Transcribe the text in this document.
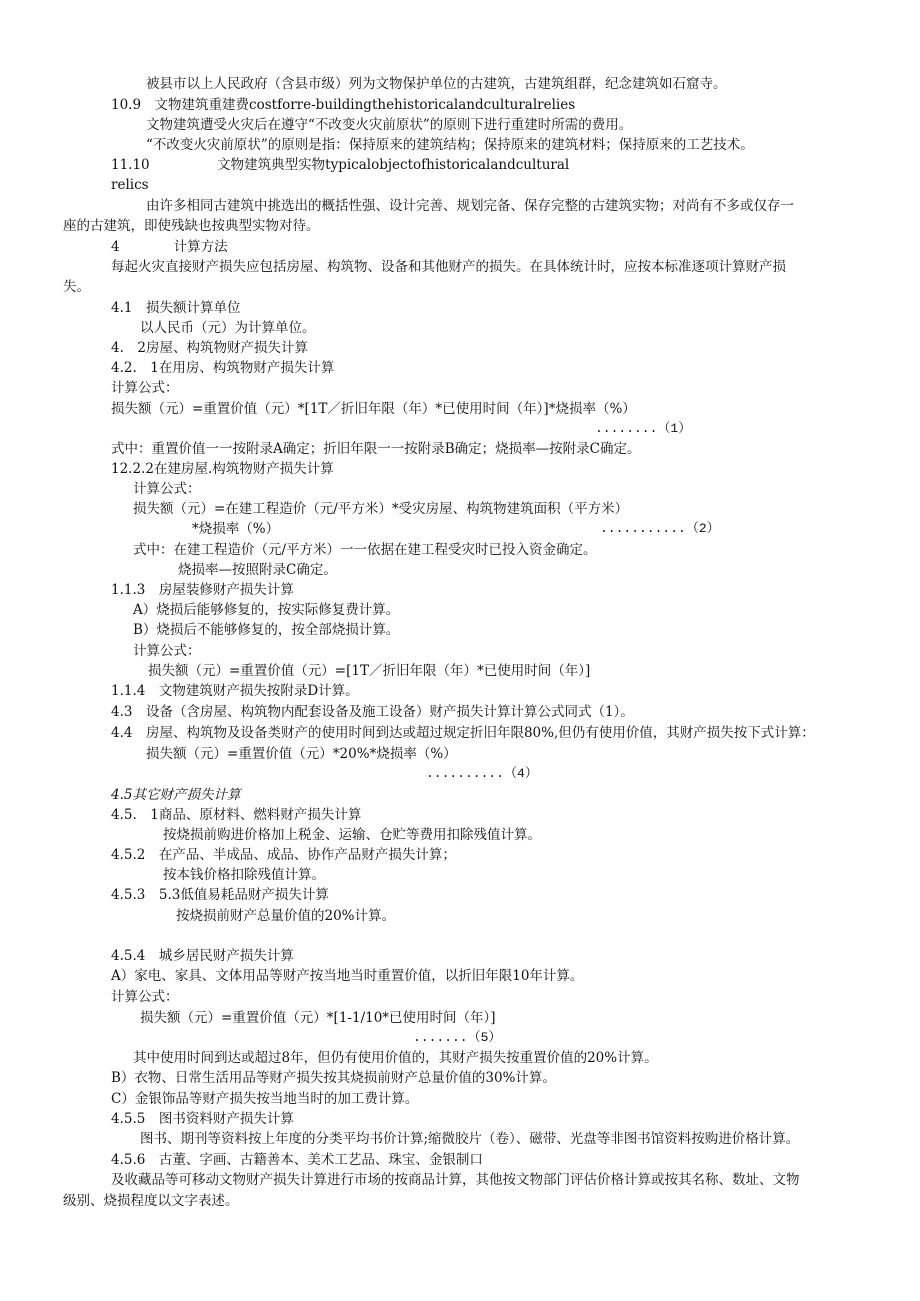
被县市以上人民政府（含县市级）列为文物保护单位的古建筑，古建筑组群，纪念建筑如石窟寺。
10.9　文物建筑重建费costforre-buildingthehistoricalandculturalrelies
文物建筑遭受火灾后在遵守“不改变火灾前原状”的原则下进行重建时所需的费用。
“不改变火灾前原状”的原则是指：保持原来的建筑结构；保持原来的建筑材料；保持原来的工艺技术。
11.10　　　　　文物建筑典型实物typicalobjectofhistoricalandcultural
relics
由许多相同古建筑中挑选出的概括性强、设计完善、规划完备、保存完整的古建筑实物；对尚有不多或仅存一
座的古建筑，即使残缺也按典型实物对待。
4　　　　计算方法
每起火灾直接财产损失应包括房屋、构筑物、设备和其他财产的损失。在具体统计时，应按本标准逐项计算财产损
失。
4.1　损失额计算单位
以人民币（元）为计算单位。
4.　2房屋、构筑物财产损失计算
4.2.　1在用房、构筑物财产损失计算
计算公式：
损失额（元）=重置价值（元）*[1T／折旧年限（年）*已使用时间（年）]*烧损率（%）
........（1）
式中：重置价值一一按附录A确定；折旧年限一一按附录B确定；烧损率—按附录C确定。
12.2.2在建房屋.构筑物财产损失计算
计算公式：
损失额（元）=在建工程造价（元/平方米）*受灾房屋、构筑物建筑面积（平方米）
*烧损率（%）	...........（2）
式中：在建工程造价（元/平方米）一一依据在建工程受灾时已投入资金确定。
烧损率—按照附录C确定。
1.1.3　房屋装修财产损失计算
A）烧损后能够修复的，按实际修复费计算。
B）烧损后不能够修复的，按全部烧损计算。
计算公式：
损失额（元）=重置价值（元）=[1T／折旧年限（年）*已使用时间（年）]
1.1.4　文物建筑财产损失按附录D计算。
4.3　设备（含房屋、构筑物内配套设备及施工设备）财产损失计算计算公式同式（1）。
4.4　房屋、构筑物及设备类财产的使用时间到达或超过规定折旧年限80%,但仍有使用价值，其财产损失按下式计算：
损失额（元）=重置价值（元）*20%*烧损率（%）
..........（4）
4.5其它财产损失计算
4.5.　1商品、原材料、燃料财产损失计算
按烧损前购进价格加上税金、运输、仓贮等费用扣除残值计算。
4.5.2　在产品、半成品、成品、协作产品财产损失计算；
按本钱价格扣除残值计算。
4.5.3　5.3低值易耗品财产损失计算
按烧损前财产总量价值的20%计算。
4.5.4　城乡居民财产损失计算
A）家电、家具、文体用品等财产按当地当时重置价值，以折旧年限10年计算。
计算公式：
损失额（元）=重置价值（元）*[1-1/10*已使用时间（年）]
.......（5）
其中使用时间到达或超过8年，但仍有使用价值的，其财产损失按重置价值的20%计算。
B）衣物、日常生活用品等财产损失按其烧损前财产总量价值的30%计算。
C）金银饰品等财产损失按当地当时的加工费计算。
4.5.5　图书资料财产损失计算
图书、期刊等资料按上年度的分类平均书价计算;缩微胶片（卷）、磁带、光盘等非图书馆资料按购进价格计算。
4.5.6　古董、字画、古籍善本、美术工艺品、珠宝、金银制口
及收藏品等可移动文物财产损失计算进行市场的按商品计算，其他按文物部门评估价格计算或按其名称、数址、文物
级别、烧损程度以文字表述。
